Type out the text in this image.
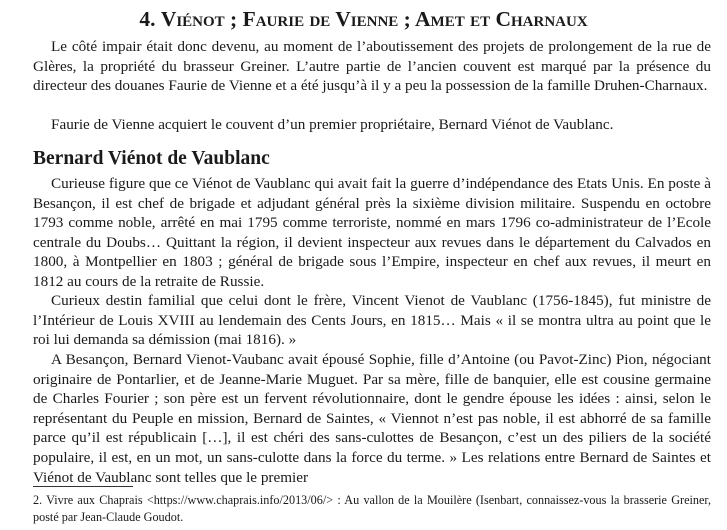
4. Viénot ; Faurie de Vienne ; Amet et Charnaux

Le côté impair était donc devenu, au moment de l’aboutissement des projets de prolongement de la rue de Glères, la propriété du brasseur Greiner. L’autre partie de l’ancien couvent est marqué par la présence du directeur des douanes Faurie de Vienne et a été jusqu’à il y a peu la possession de la famille Druhen-Charnaux.

Faurie de Vienne acquiert le couvent d’un premier propriétaire, Bernard Viénot de Vaublanc.

Bernard Viénot de Vaublanc

Curieuse figure que ce Viénot de Vaublanc qui avait fait la guerre d’indépendance des Etats Unis. En poste à Besançon, il est chef de brigade et adjudant général près la sixième division militaire. Suspendu en octobre 1793 comme noble, arrêté en mai 1795 comme terroriste, nommé en mars 1796 co-administrateur de l’Ecole centrale du Doubs… Quittant la région, il devient inspecteur aux revues dans le département du Calvados en 1800, à Montpellier en 1803 ; général de brigade sous l’Empire, inspecteur en chef aux revues, il meurt en 1812 au cours de la retraite de Russie.

Curieux destin familial que celui dont le frère, Vincent Vienot de Vaublanc (1756-1845), fut ministre de l’Intérieur de Louis XVIII au lendemain des Cents Jours, en 1815… Mais « il se montra ultra au point que le roi lui demanda sa démission (mai 1816). »

A Besançon, Bernard Vienot-Vaubanc avait épousé Sophie, fille d’Antoine (ou Pavot-Zinc) Pion, négociant originaire de Pontarlier, et de Jeanne-Marie Muguet. Par sa mère, fille de banquier, elle est cousine germaine de Charles Fourier ; son père est un fervent révolutionnaire, dont le gendre épouse les idées : ainsi, selon le représentant du Peuple en mission, Bernard de Saintes, « Viennot n’est pas noble, il est abhorré de sa famille parce qu’il est républicain […], il est chéri des sans-culottes de Besançon, c’est un des piliers de la société populaire, il est, en un mot, un sans-culotte dans la force du terme. » Les relations entre Bernard de Saintes et Viénot de Vaublanc sont telles que le premier

2. Vivre aux Chaprais <https://www.chaprais.info/2013/06/> : Au vallon de la Mouilère (Isenbart, connaissez-vous la brasserie Greiner, posté par Jean-Claude Goudot.
